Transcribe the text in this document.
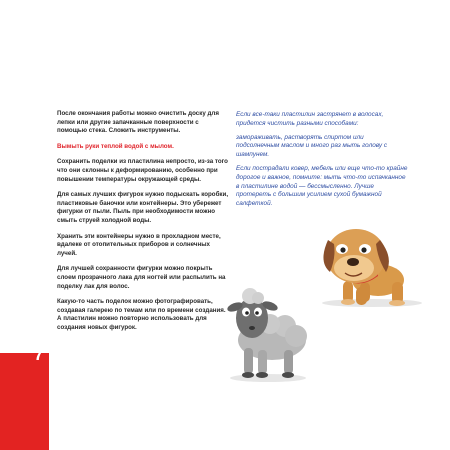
После окончания работы можно очистить доску для лепки или другие запачканные поверхности с помощью стека. Сложить инструменты.

Вымыть руки теплой водой с мылом.

Сохранить поделки из пластилина непросто, из-за того что они склонны к деформированию, особенно при повышении температуры окружающей среды.

Для самых лучших фигурок нужно подыскать коробки, пластиковые баночки или контейнеры. Это убережет фигурки от пыли. Пыль при необходимости можно смыть струей холодной воды.

Хранить эти контейнеры нужно в прохладном месте, вдалеке от отопительных приборов и солнечных лучей.

Для лучшей сохранности фигурки можно покрыть слоем прозрачного лака для ногтей или распылить на поделку лак для волос.

Какую-то часть поделок можно фотографировать, создавая галерею по темам или по времени создания. А пластилин можно повторно использовать для создания новых фигурок.

Если все-таки пластилин застрянет в волосах, придется чистить разными способами:

замораживать, растворять спиртом или подсолнечным маслом и много раз мыть голову с шампунем.

Если пострадали ковер, мебель или еще что-то крайне дорогое и важное, помните: мыть что-то испачканное в пластилине водой — бессмысленно. Лучше протереть с большим усилием сухой бумажной салфеткой.

7
